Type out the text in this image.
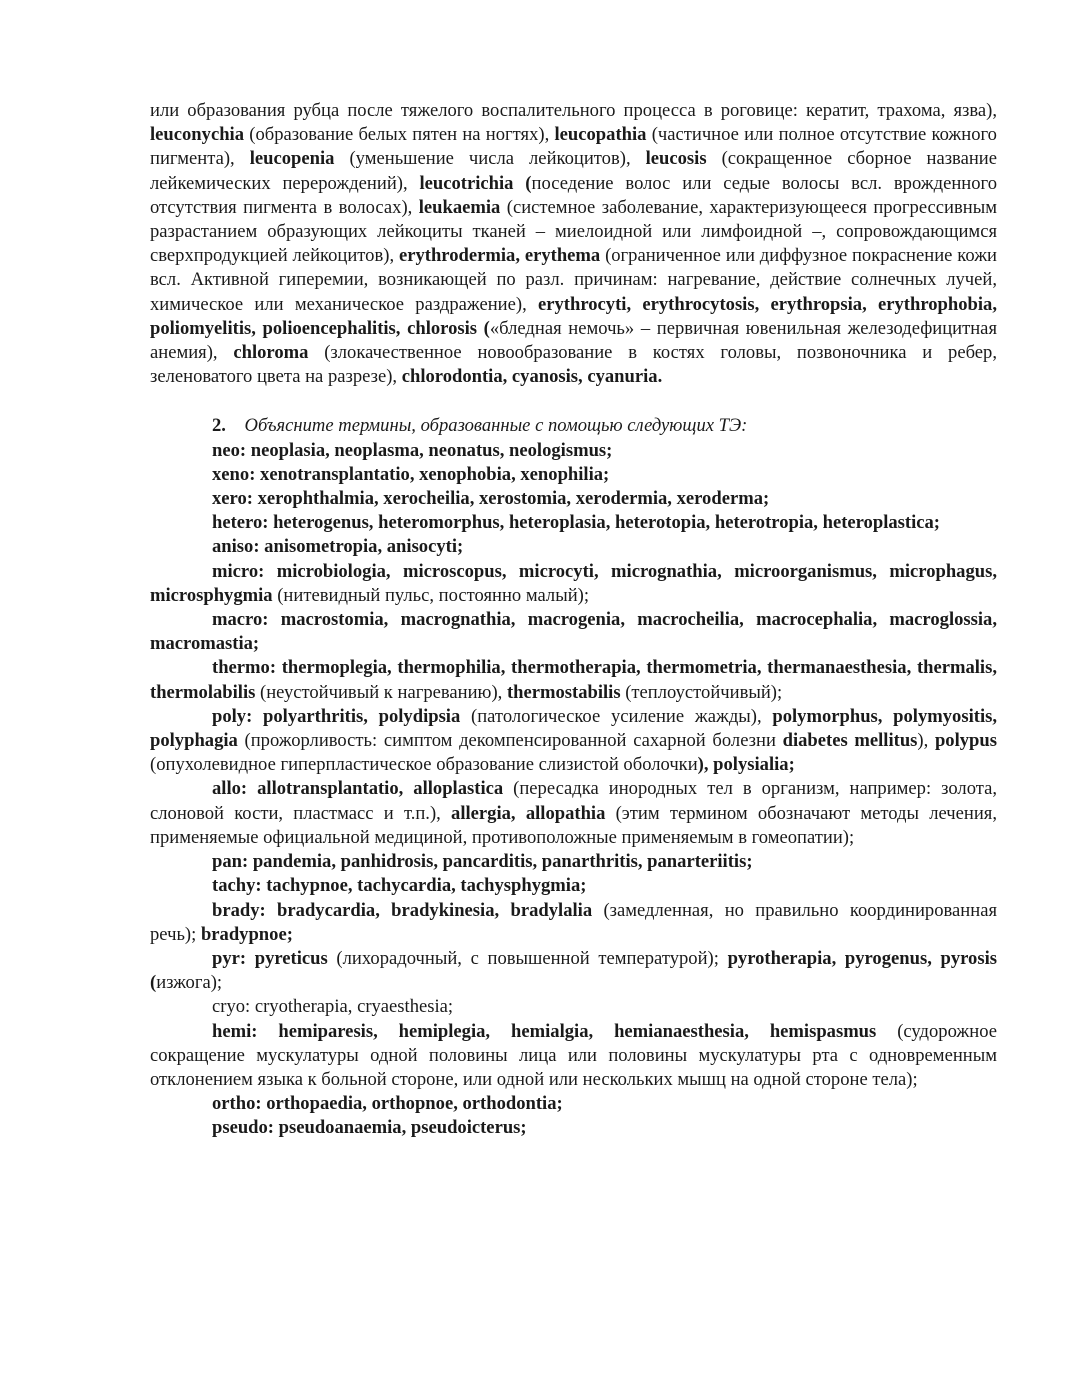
или образования рубца после тяжелого воспалительного процесса в роговице: кератит, трахома, язва), leuconychia (образование белых пятен на ногтях), leucopathia (частичное или полное отсутствие кожного пигмента), leucopenia (уменьшение числа лейкоцитов), leucosis (сокращенное сборное название лейкемических перерождений), leucotrichia (поседение волос или седые волосы всл. врожденного отсутствия пигмента в волосах), leukaemia (системное заболевание, характеризующееся прогрессивным разрастанием образующих лейкоциты тканей – миелоидной или лимфоидной –, сопровождающимся сверхпродукцией лейкоцитов), erythrodermia, erythema (ограниченное или диффузное покраснение кожи всл. Активной гиперемии, возникающей по разл. причинам: нагревание, действие солнечных лучей, химическое или механическое раздражение), erythrocyti, erythrocytosis, erythropsia, erythrophobia, poliomyelitis, polioencephalitis, chlorosis («бледная немочь» – первичная ювенильная железодефицитная анемия), chloroma (злокачественное новообразование в костях головы, позвоночника и ребер, зеленоватого цвета на разрезе), chlorodontia, cyanosis, cyanuria.

2. Объясните термины, образованные с помощью следующих ТЭ:

neo: neoplasia, neoplasma, neonatus, neologismus;

xeno: xenotransplantatio, xenophobia, xenophilia;

xero: xerophthalmia, xerocheilia, xerostomia, xerodermia, xeroderma;

hetero: heterogenus, heteromorphus, heteroplasia, heterotopia, heterotropia, heteroplastica;

aniso: anisometropia, anisocyti;

micro: microbiologia, microscopus, microcyti, micrognathia, microorganismus, microphagus, microsphygmia (нитевидный пульс, постоянно малый);

macro: macrostomia, macrognathia, macrogenia, macrocheilia, macrocephalia, macroglossia, macromastia;

thermo: thermoplegia, thermophilia, thermotherapia, thermometria, thermanaesthesia, thermalis, thermolabilis (неустойчивый к нагреванию), thermostabilis (теплоустойчивый);

poly: polyarthritis, polydipsia (патологическое усиление жажды), polymorphus, polymyositis, polyphagia (прожорливость: симптом декомпенсированной сахарной болезни diabetes mellitus), polypus (опухолевидное гиперпластическое образование слизистой оболочки), polysialia;

allo: allotransplantatio, alloplastica (пересадка инородных тел в организм, например: золота, слоновой кости, пластмасс и т.п.), allergia, allopathia (этим термином обозначают методы лечения, применяемые официальной медициной, противоположные применяемым в гомеопатии);

pan: pandemia, panhidrosis, pancarditis, panarthritis, panarteriitis;

tachy: tachypnoe, tachycardia, tachysphygmia;

brady: bradycardia, bradykinesia, bradylalia (замедленная, но правильно координированная речь); bradypnoe;

pyr: pyreticus (лихорадочный, с повышенной температурой); pyrotherapia, pyrogenus, pyrosis (изжога);

cryo: cryotherapia, cryaesthesia;

hemi: hemiparesis, hemiplegia, hemialgia, hemianaesthesia, hemispasmus (судорожное сокращение мускулатуры одной половины лица или половины мускулатуры рта с одновременным отклонением языка к больной стороне, или одной или нескольких мышц на одной стороне тела);

ortho: orthopaedia, orthopnoe, orthodontia;

pseudo: pseudoanaemia, pseudoicterus;
